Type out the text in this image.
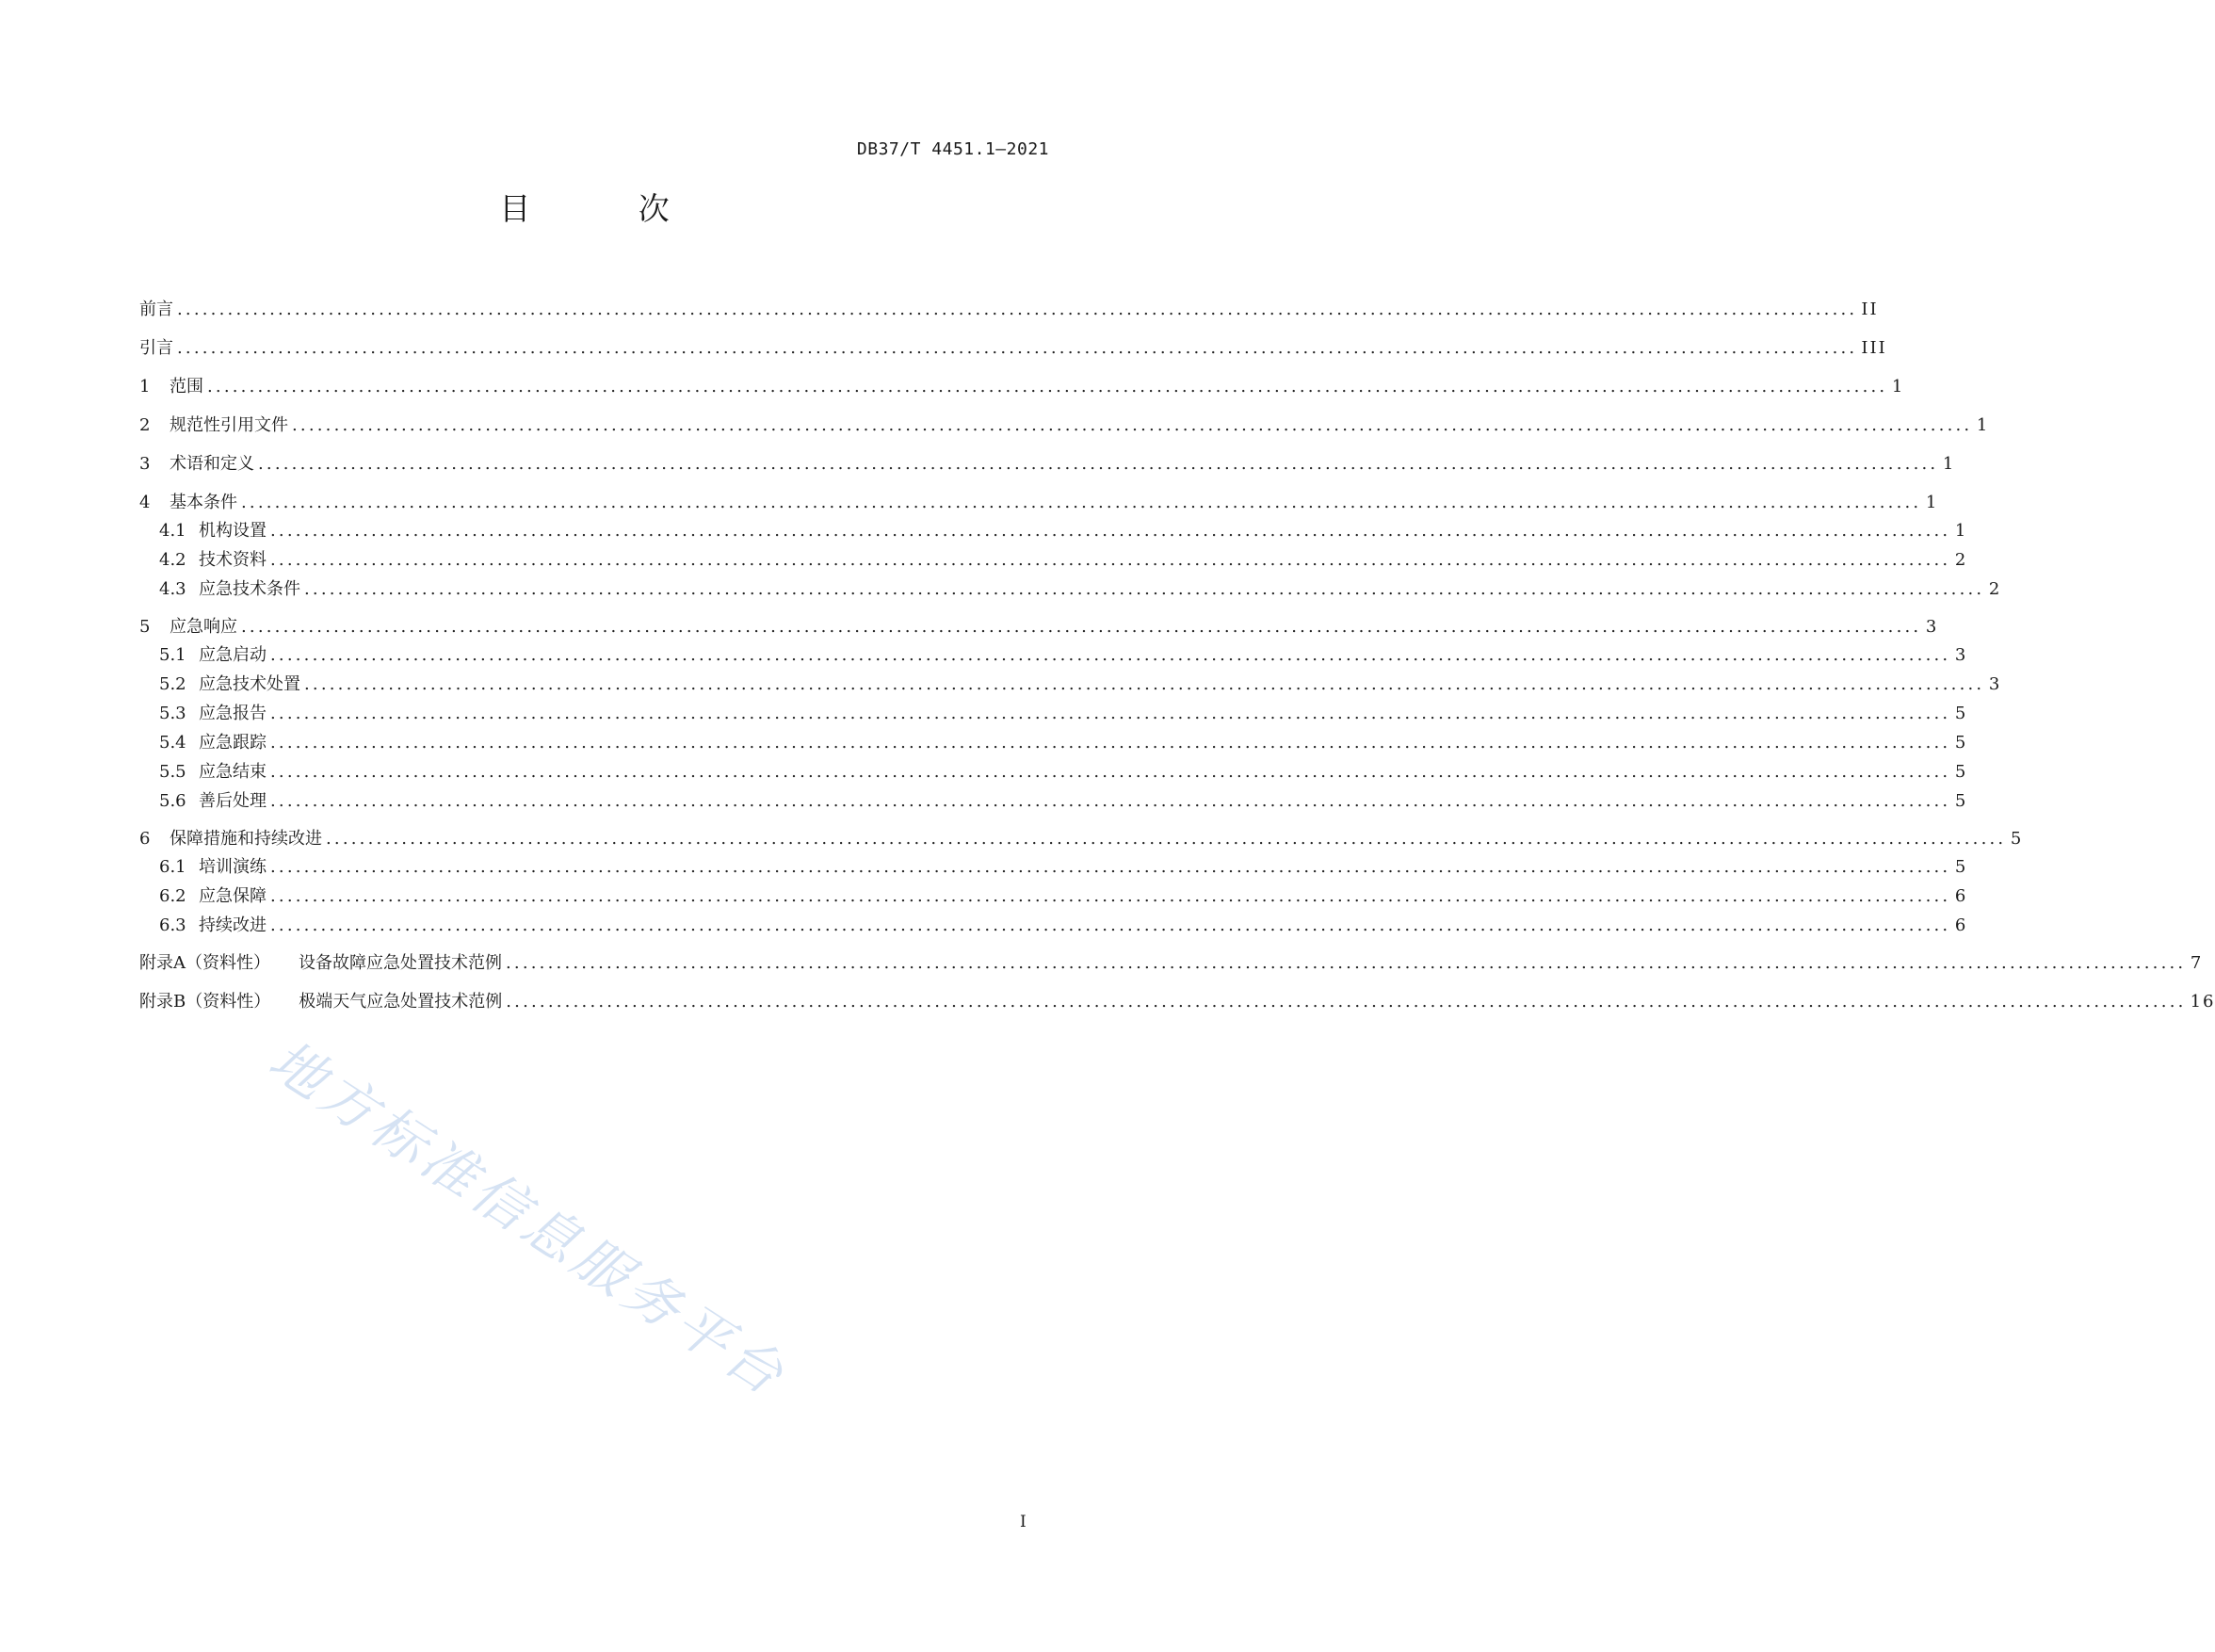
DB37/T 4451.1—2021
目 次
前言 ........................................................................................................................................................................................................ II
引言 ........................................................................................................................................................................................................ III
1 范围 ........................................................................................................................................................................................................ 1
2 规范性引用文件 ........................................................................................................................................................................................................ 1
3 术语和定义 ........................................................................................................................................................................................................ 1
4 基本条件 ........................................................................................................................................................................................................ 1
4.1 机构设置 ........................................................................................................................................................................................................ 1
4.2 技术资料 ........................................................................................................................................................................................................ 2
4.3 应急技术条件 ........................................................................................................................................................................................................ 2
5 应急响应 ........................................................................................................................................................................................................ 3
5.1 应急启动 ........................................................................................................................................................................................................ 3
5.2 应急技术处置 ........................................................................................................................................................................................................ 3
5.3 应急报告 ........................................................................................................................................................................................................ 5
5.4 应急跟踪 ........................................................................................................................................................................................................ 5
5.5 应急结束 ........................................................................................................................................................................................................ 5
5.6 善后处理 ........................................................................................................................................................................................................ 5
6 保障措施和持续改进 ........................................................................................................................................................................................................ 5
6.1 培训演练 ........................................................................................................................................................................................................ 5
6.2 应急保障 ........................................................................................................................................................................................................ 6
6.3 持续改进 ........................................................................................................................................................................................................ 6
附录A（资料性） 设备故障应急处置技术范例 ........................................................................................................................................................................................................ 7
附录B（资料性） 极端天气应急处置技术范例 ........................................................................................................................................................................................................ 16
I
地方标准信息服务平台
